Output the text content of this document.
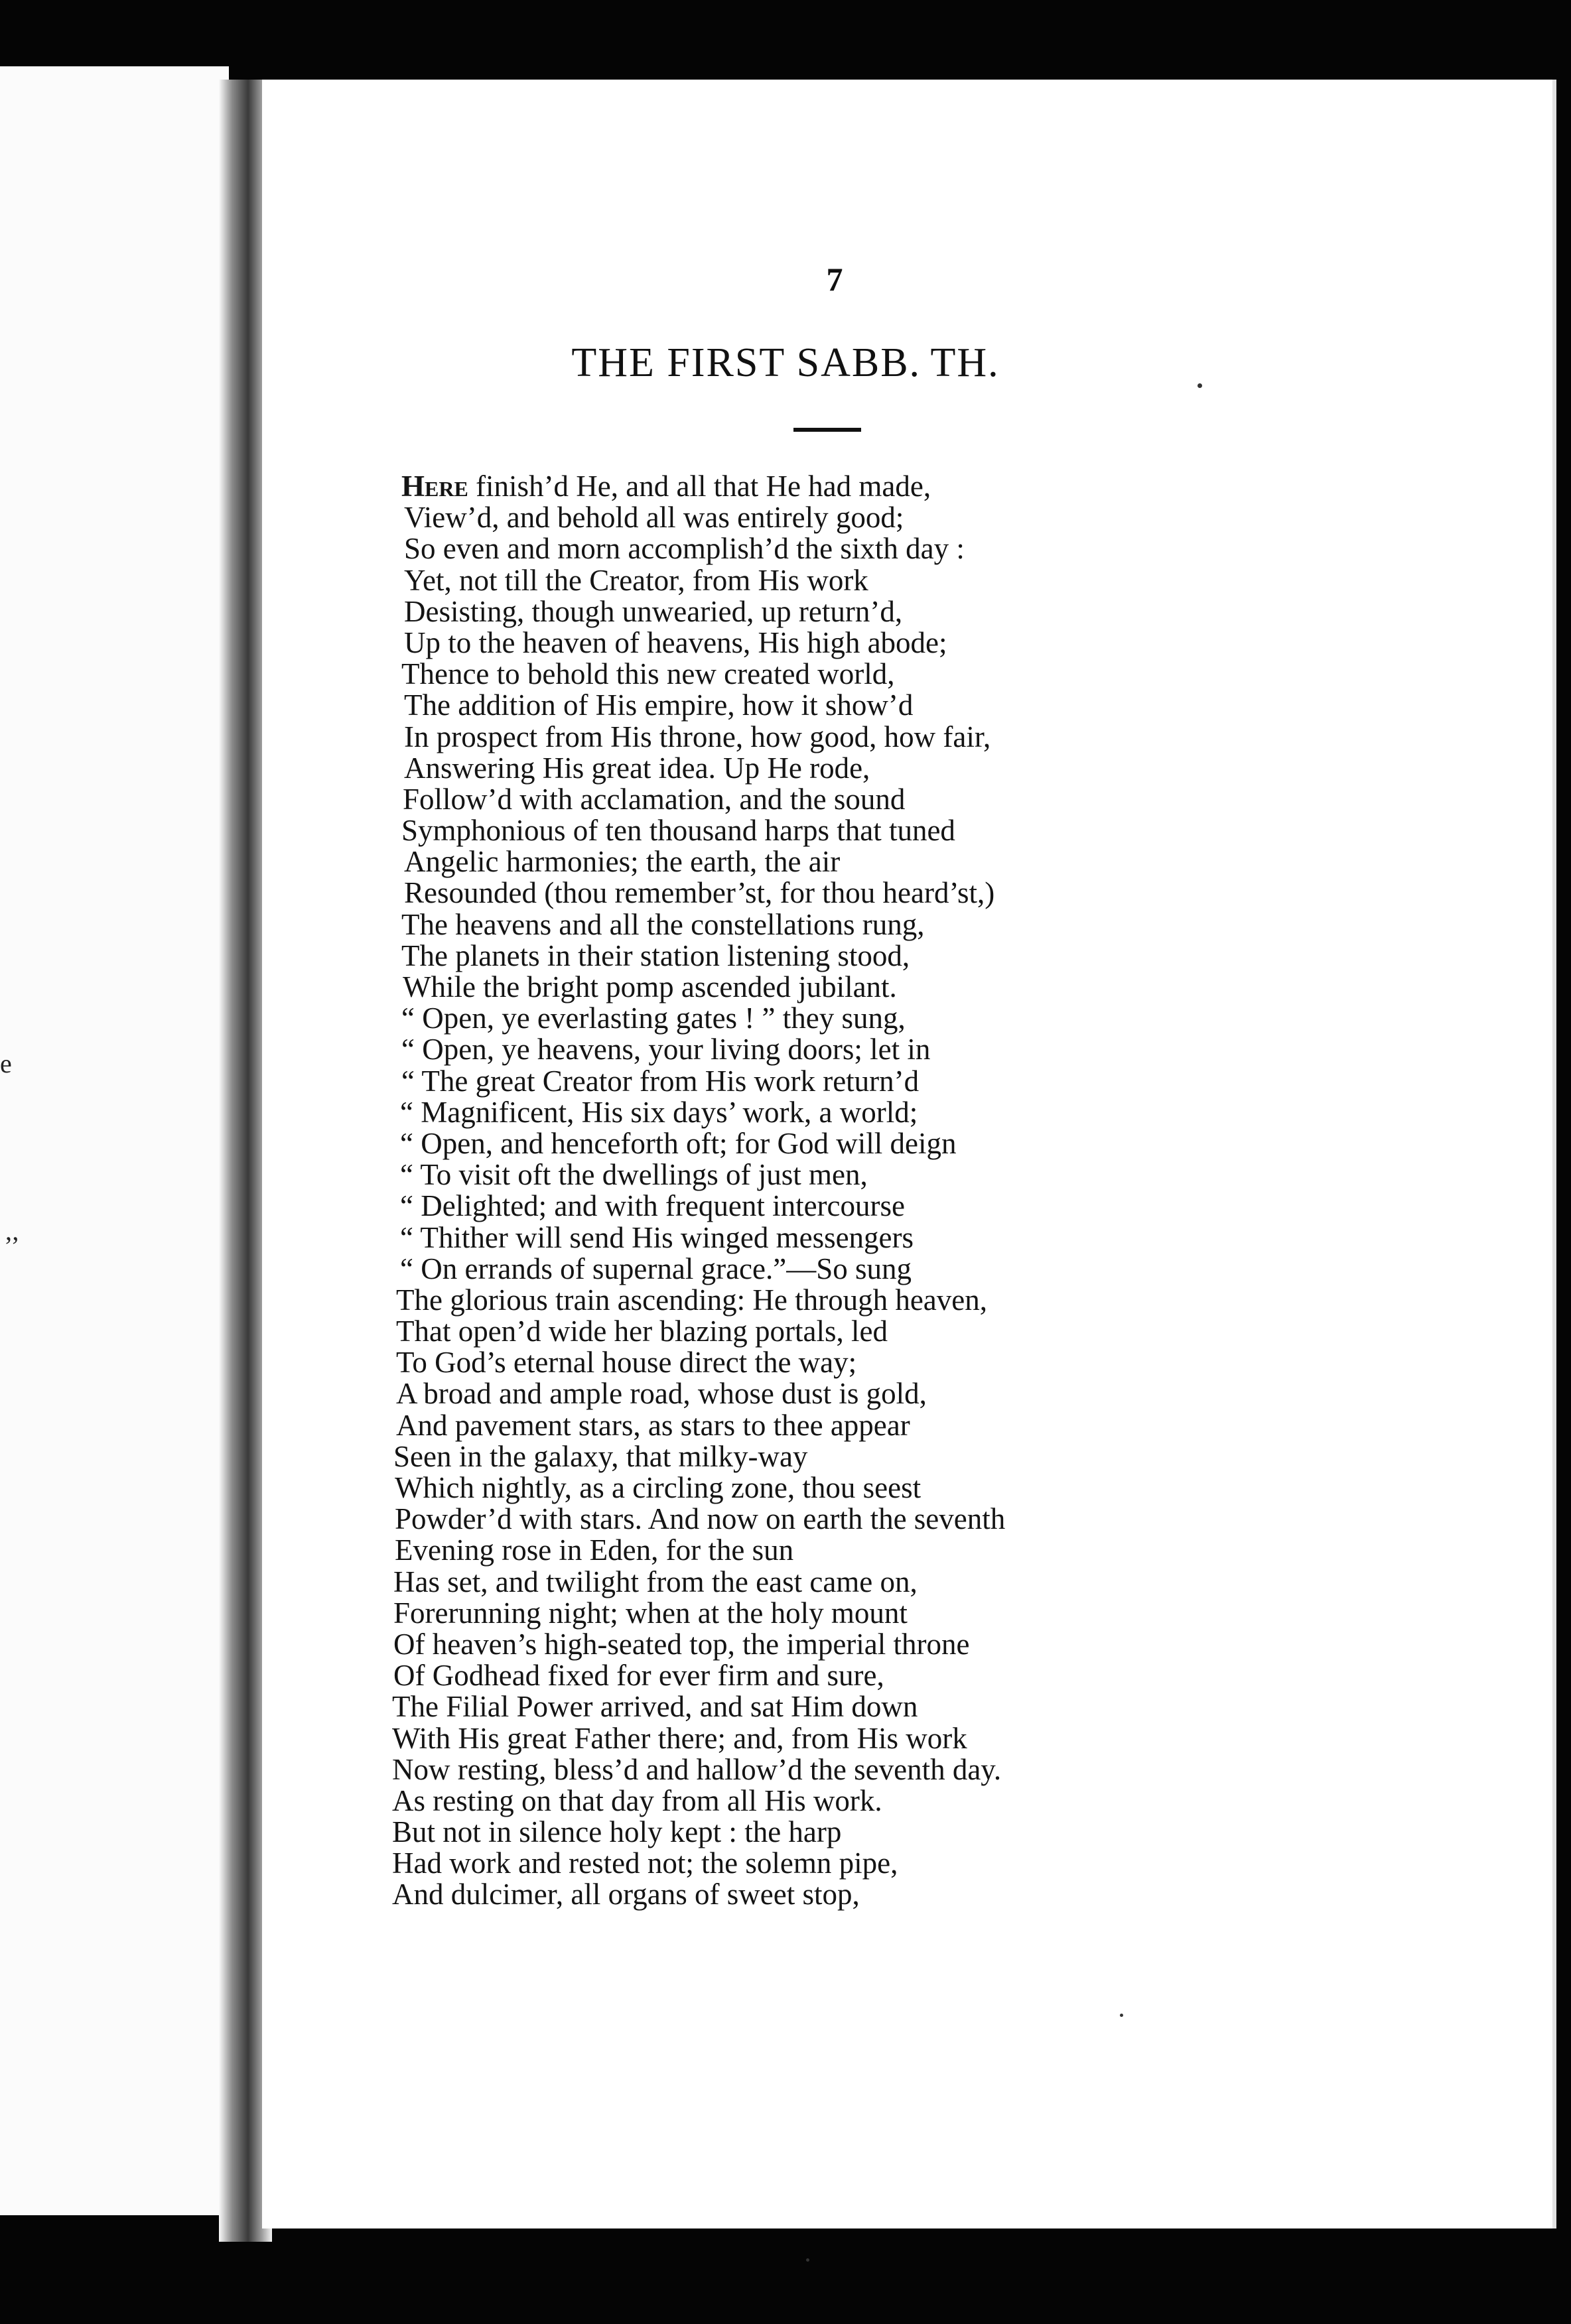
e
’’
7
THE FIRST SABB. TH.
Here finish’d He, and all that He had made,
View’d, and behold all was entirely good;
So even and morn accomplish’d the sixth day :
Yet, not till the Creator, from His work
Desisting, though unwearied, up return’d,
Up to the heaven of heavens, His high abode;
Thence to behold this new created world,
The addition of His empire, how it show’d
In prospect from His throne, how good, how fair,
Answering His great idea. Up He rode,
Follow’d with acclamation, and the sound
Symphonious of ten thousand harps that tuned
Angelic harmonies; the earth, the air
Resounded (thou remember’st, for thou heard’st,)
The heavens and all the constellations rung,
The planets in their station listening stood,
While the bright pomp ascended jubilant.
“ Open, ye everlasting gates ! ” they sung,
“ Open, ye heavens, your living doors; let in
“ The great Creator from His work return’d
“ Magnificent, His six days’ work, a world;
“ Open, and henceforth oft; for God will deign
“ To visit oft the dwellings of just men,
“ Delighted; and with frequent intercourse
“ Thither will send His winged messengers
“ On errands of supernal grace.”—So sung
The glorious train ascending: He through heaven,
That open’d wide her blazing portals, led
To God’s eternal house direct the way;
A broad and ample road, whose dust is gold,
And pavement stars, as stars to thee appear
Seen in the galaxy, that milky-way
Which nightly, as a circling zone, thou seest
Powder’d with stars. And now on earth the seventh
Evening rose in Eden, for the sun
Has set, and twilight from the east came on,
Forerunning night; when at the holy mount
Of heaven’s high-seated top, the imperial throne
Of Godhead fixed for ever firm and sure,
The Filial Power arrived, and sat Him down
With His great Father there; and, from His work
Now resting, bless’d and hallow’d the seventh day.
As resting on that day from all His work.
But not in silence holy kept : the harp
Had work and rested not; the solemn pipe,
And dulcimer, all organs of sweet stop,
